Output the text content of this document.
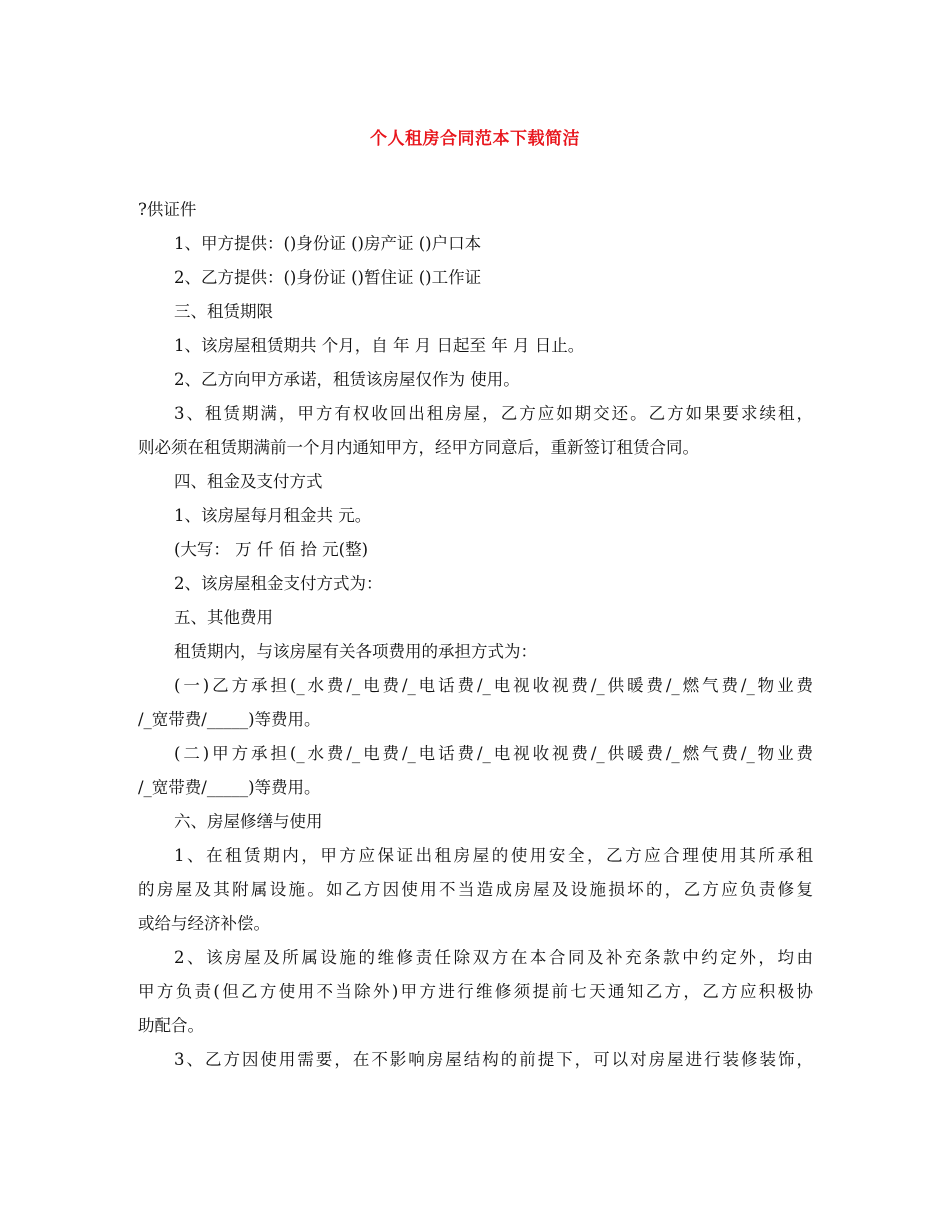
个人租房合同范本下载简洁
?供证件
1、甲方提供：()身份证 ()房产证 ()户口本
2、乙方提供：()身份证 ()暂住证 ()工作证
三、租赁期限
1、该房屋租赁期共 个月，自 年 月 日起至 年 月 日止。
2、乙方向甲方承诺，租赁该房屋仅作为 使用。
3、租赁期满，甲方有权收回出租房屋，乙方应如期交还。乙方如果要求续租，
则必须在租赁期满前一个月内通知甲方，经甲方同意后，重新签订租赁合同。
四、租金及支付方式
1、该房屋每月租金共 元。
(大写： 万 仟 佰 拾 元(整)
2、该房屋租金支付方式为：
五、其他费用
租赁期内，与该房屋有关各项费用的承担方式为：
(一)乙方承担(_水费/_电费/_电话费/_电视收视费/_供暖费/_燃气费/_物业费
/_宽带费/_____)等费用。
(二)甲方承担(_水费/_电费/_电话费/_电视收视费/_供暖费/_燃气费/_物业费
/_宽带费/_____)等费用。
六、房屋修缮与使用
1、在租赁期内，甲方应保证出租房屋的使用安全，乙方应合理使用其所承租
的房屋及其附属设施。如乙方因使用不当造成房屋及设施损坏的，乙方应负责修复
或给与经济补偿。
2、该房屋及所属设施的维修责任除双方在本合同及补充条款中约定外，均由
甲方负责(但乙方使用不当除外)甲方进行维修须提前七天通知乙方，乙方应积极协
助配合。
3、乙方因使用需要，在不影响房屋结构的前提下，可以对房屋进行装修装饰，
